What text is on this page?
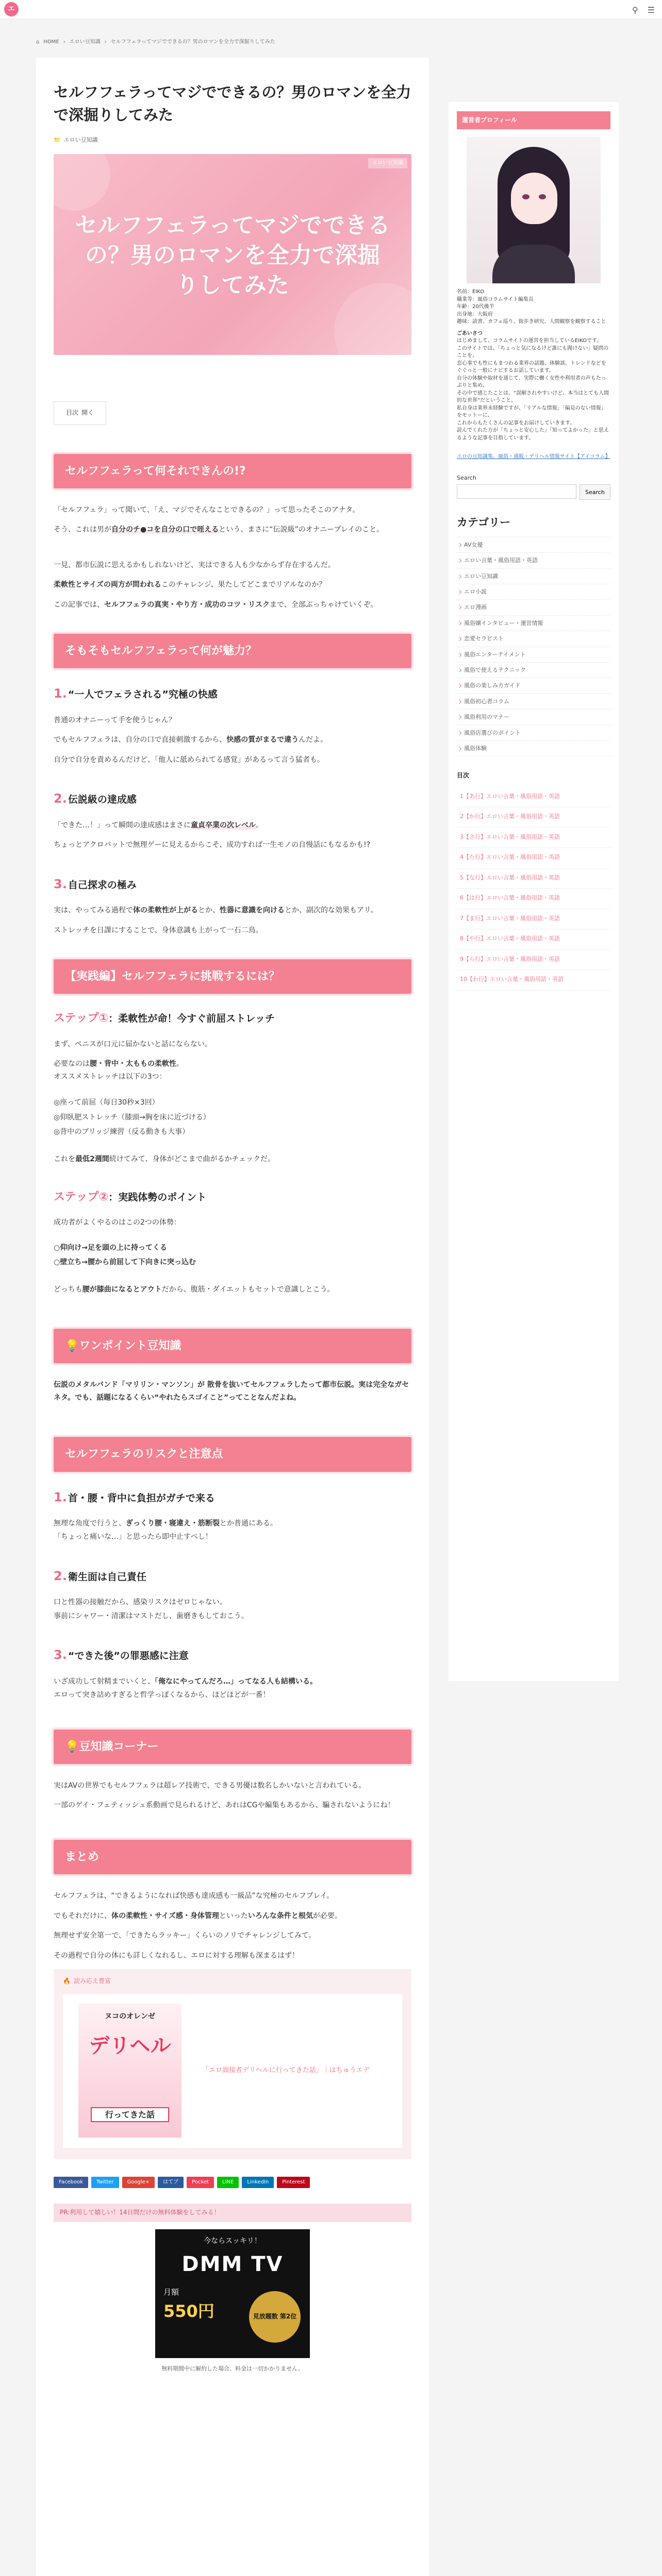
エ	⚲ ☰
⌂ HOME › エロい豆知識 › セルフフェラってマジでできるの？男のロマンを全力で深掘りしてみた
セルフフェラってマジでできるの？男のロマンを全力で深掘りしてみた
📁 エロい豆知識
エロい豆知識
セルフフェラってマジでできるの？男のロマンを全力で深掘りしてみた
目次 開く
セルフフェラって何それできんの!?

「セルフフェラ」って聞いて、「え、マジでそんなことできるの？」って思ったそこのアナタ。

そう、これは男が自分のチ●コを自分の口で咥えるという、まさに“伝説級”のオナニープレイのこと。

一見、都市伝説に思えるかもしれないけど、実はできる人も少なからず存在するんだ。

柔軟性とサイズの両方が問われるこのチャレンジ、果たしてどこまでリアルなのか？

この記事では、セルフフェラの真実・やり方・成功のコツ・リスクまで、全部ぶっちゃけていくぞ。

そもそもセルフフェラって何が魅力？
1. “一人でフェラされる”究極の快感

普通のオナニーって手を使うじゃん？

でもセルフフェラは、自分の口で直接刺激するから、快感の質がまるで違うんだよ。

自分で自分を責めるんだけど、「他人に舐められてる感覚」があるって言う猛者も。

2. 伝説級の達成感

「できた…！」って瞬間の達成感はまさに童貞卒業の次レベル。

ちょっとアクロバットで無理ゲーに見えるからこそ、成功すれば一生モノの自慢話にもなるかも!?

3. 自己探求の極み

実は、やってみる過程で体の柔軟性が上がるとか、性器に意識を向けるとか、副次的な効果もアリ。

ストレッチを日課にすることで、身体意識も上がって一石二鳥。

【実践編】セルフフェラに挑戦するには？
ステップ①：柔軟性が命！今すぐ前屈ストレッチ

まず、ペニスが口元に届かないと話にならない。

必要なのは腰・背中・太ももの柔軟性。

オススメストレッチは以下の3つ：

◎座って前屈（毎日30秒×3回）

◎仰臥肥ストレッチ（膝頭→胸を床に近づける）

◎背中のブリッジ練習（反る動きも大事）

これを最低2週間続けてみて、身体がどこまで曲がるかチェックだ。

ステップ②：実践体勢のポイント

成功者がよくやるのはこの2つの体勢：

○仰向け→足を頭の上に持ってくる

○壁立ち→腰から前屈して下向きに突っ込む

どっちも腰が膝曲になるとアウトだから、腹筋・ダイエットもセットで意識しとこう。

💡ワンポイント豆知識

伝説のメタルバンド「マリリン・マンソン」が 散骨を抜いてセルフフェラしたって都市伝説。実は完全なガセネタ。でも、話題になるくらい“やれたらスゴイこと”ってことなんだよね。

セルフフェラのリスクと注意点
1. 首・腰・背中に負担がガチで来る

無理な角度で行うと、ぎっくり腰・寝違え・筋断裂とか普通にある。

「ちょっと痛いな…」と思ったら即中止すべし！

2. 衛生面は自己責任

口と性器の接触だから、感染リスクはゼロじゃない。

事前にシャワー・清潔はマストだし、歯磨きもしておこう。

3. “できた後”の罪悪感に注意

いざ成功して射精までいくと、「俺なにやってんだろ…」ってなる人も結構いる。

エロって突き詰めすぎると哲学っぽくなるから、ほどほどが一番！

💡豆知識コーナー

実はAVの世界でもセルフフェラは超レア技術で、できる男優は数名しかいないと言われている。

一部のゲイ・フェティッシュ系動画で見られるけど、あれはCGや編集もあるから、騙されないようにね！

まとめ

セルフフェラは、“できるようになれば快感も達成感も一級品”な究極のセルフプレイ。

でもそれだけに、体の柔軟性・サイズ感・身体管理といったいろんな条件と根気が必要。

無理せず安全第一で、「できたらラッキー」くらいのノリでチャレンジしてみて。

その過程で自分の体にも詳しくなれるし、エロに対する理解も深まるはず！

🔥 読み応え豊富
ヌコのオレンゼ
デリヘル
行ってきた話
「エロ面接者デリヘルに行ってきた話」｜はちゅうエデ
Facebook	Twitter	Google+	はてブ	Pocket	LINE	LinkedIn	Pinterest
PR:利用して嬉しい！14日間だけの無料体験をしてみる！
今ならスッキリ！
DMM TV
月額
550円	見放題数 第2位
無料期間中に解約した場合、料金は一切かかりません。
運営者プロフィール
名前：EIKO
職業等：風俗コラムサイト編集長
年齢：20代後半
出身地：大阪府
趣味：読書、カフェ巡り、街歩き研究、人間観察を観察すること
ごあいさつ
はじめまして、コラムサイトの運営を担当しているEIKOです。
このサイトでは、「ちょっと気になるけど誰にも聞けない」疑問のことを、
恋心事でも性にもまつわる業界の話題、体験談、トレンドなどをぐぐっと一般にナビするお話しています。
自分の体験や取材を通じて、実際に働く女性や利用者の声もたっぷりと集め、
その中で感じたことは、“誤解されやすいけど、本当はとても人間的な世界”だということ。
私自身は業界未経験ですが、「リアルな情報」「偏見のない情報」をモットーに、
これからもたくさんの記事をお届けしていきます。
読んでくれた方が「ちょっと安心した」「知ってよかった」と思えるような記事を目指しています。
エロの豆知識集、風俗・通販・デリヘル情報サイト【アイコラム】
Search
Search
カテゴリー
AV女優
エロい言葉・風俗用語・英語
エロい豆知識
エロ小説
エロ漫画
風俗嬢インタビュー・運営情報
恋愛セラピスト
風俗エンターテイメント
風俗で使えるテクニック
風俗の楽しみ方ガイド
風俗初心者コラム
風俗利用のマナー
風俗店選びのポイント
風俗体験
目次
1【あ行】エロい言葉・風俗用語・英語
2【か行】エロい言葉・風俗用語・英語
3【さ行】エロい言葉・風俗用語・英語
4【た行】エロい言葉・風俗用語・英語
5【な行】エロい言葉・風俗用語・英語
6【は行】エロい言葉・風俗用語・英語
7【ま行】エロい言葉・風俗用語・英語
8【や行】エロい言葉・風俗用語・英語
9【ら行】エロい言葉・風俗用語・英語
10【わ行】エロい言葉・風俗用語・英語
